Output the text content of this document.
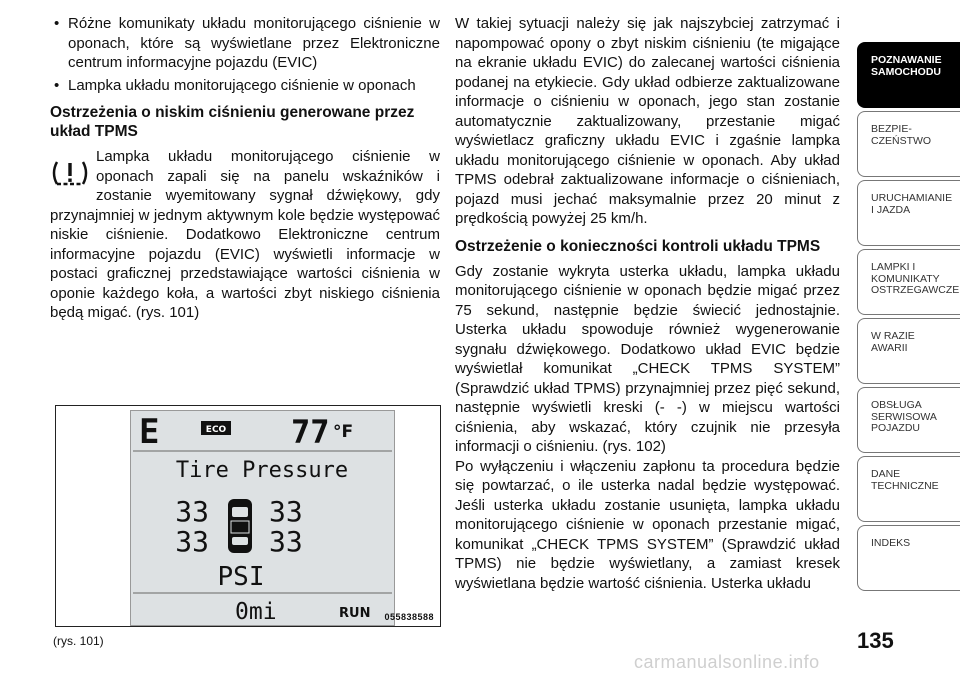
• Różne komunikaty układu monitorującego ciśnienie w oponach, które są wyświetlane przez Elektroniczne centrum informacyjne pojazdu (EVIC)
• Lampka układu monitorującego ciśnienie w oponach
Ostrzeżenia o niskim ciśnieniu generowane przez układ TPMS

Lampka układu monitorującego ciśnienie w oponach zapali się na panelu wskaźników i zostanie wyemitowany sygnał dźwiękowy, gdy przynajmniej w jednym aktywnym kole będzie występować niskie ciśnienie. Dodatkowo Elektroniczne centrum informacyjne pojazdu (EVIC) wyświetli informacje w postaci graficznej przedstawiające wartości ciśnienia w oponie każdego koła, a wartości zbyt niskiego ciśnienia będą migać. (rys. 101)

E	ECO 77 °F
Tire Pressure
33 33
33 33
PSI
0mi	RUN 055838588
(rys. 101)

W takiej sytuacji należy się jak najszybciej zatrzymać i napompować opony o zbyt niskim ciśnieniu (te migające na ekranie układu EVIC) do zalecanej wartości ciśnienia podanej na etykiecie. Gdy układ odbierze zaktualizowane informacje o ciśnieniu w oponach, jego stan zostanie automatycznie zaktualizowany, przestanie migać wyświetlacz graficzny układu EVIC i zgaśnie lampka układu monitorującego ciśnienie w oponach. Aby układ TPMS odebrał zaktualizowane informacje o ciśnieniach, pojazd musi jechać maksymalnie przez 20 minut z prędkością powyżej 25 km/h.

Ostrzeżenie o konieczności kontroli układu TPMS

Gdy zostanie wykryta usterka układu, lampka układu monitorującego ciśnienie w oponach będzie migać przez 75 sekund, następnie będzie świecić jednostajnie. Usterka układu spowoduje również wygenerowanie sygnału dźwiękowego. Dodatkowo układ EVIC będzie wyświetlał komunikat „CHECK TPMS SYSTEM” (Sprawdzić układ TPMS) przynajmniej przez pięć sekund, następnie wyświetli kreski (- -) w miejscu wartości ciśnienia, aby wskazać, który czujnik nie przesyła informacji o ciśnieniu. (rys. 102)

Po wyłączeniu i włączeniu zapłonu ta procedura będzie się powtarzać, o ile usterka nadal będzie występować. Jeśli usterka układu zostanie usunięta, lampka układu monitorującego ciśnienie w oponach przestanie migać, komunikat „CHECK TPMS SYSTEM” (Sprawdzić układ TPMS) nie będzie wyświetlany, a zamiast kresek wyświetlana będzie wartość ciśnienia. Usterka układu

POZNAWANIE
SAMOCHODU
BEZPIE-
CZEŃSTWO
URUCHAMIANIE
I JAZDA
LAMPKI I
KOMUNIKATY
OSTRZEGAWCZE
W RAZIE
AWARII
OBSŁUGA
SERWISOWA
POJAZDU
DANE
TECHNICZNE
INDEKS
135
carmanualsonline.info
